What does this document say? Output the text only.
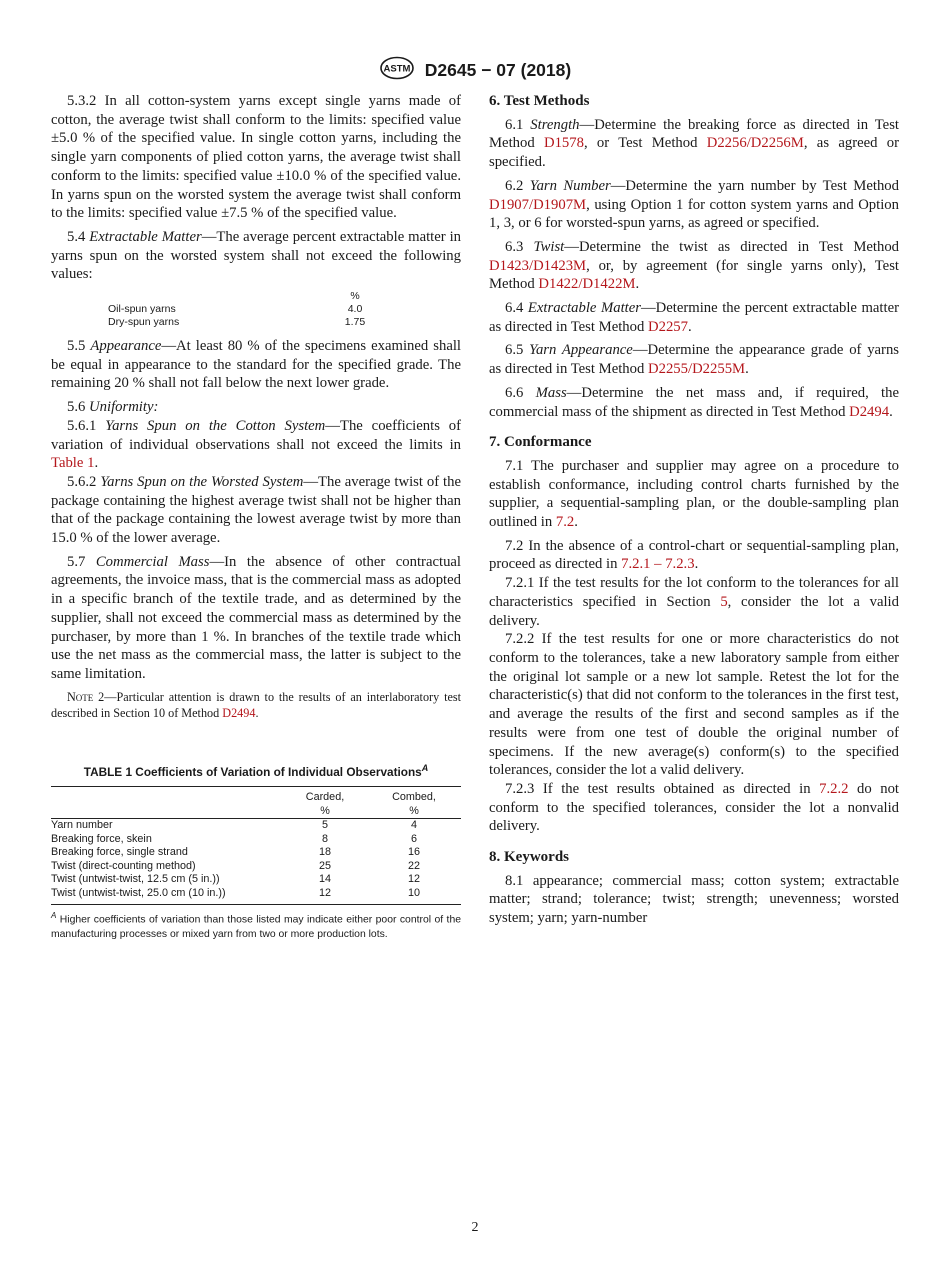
ASTM D2645 − 07 (2018)

5.3.2 In all cotton-system yarns except single yarns made of cotton, the average twist shall conform to the limits: specified value ±5.0 % of the specified value. In single cotton yarns, including the single yarn components of plied cotton yarns, the average twist shall conform to the limits: specified value ±10.0 % of the specified value. In yarns spun on the worsted system the average twist shall conform to the limits: specified value ±7.5 % of the specified value.

5.4 Extractable Matter—The average percent extractable matter in yarns spun on the worsted system shall not exceed the following values:

%
Oil-spun yarns	4.0
Dry-spun yarns	1.75

5.5 Appearance—At least 80 % of the specimens examined shall be equal in appearance to the standard for the specified grade. The remaining 20 % shall not fall below the next lower grade.

5.6 Uniformity:

5.6.1 Yarns Spun on the Cotton System—The coefficients of variation of individual observations shall not exceed the limits in Table 1.

5.6.2 Yarns Spun on the Worsted System—The average twist of the package containing the highest average twist shall not be higher than that of the package containing the lowest average twist by more than 15.0 % of the lower average.

5.7 Commercial Mass—In the absence of other contractual agreements, the invoice mass, that is the commercial mass as adopted in a specific branch of the textile trade, and as determined by the supplier, shall not exceed the commercial mass as determined by the purchaser, by more than 1 %. In branches of the textile trade which use the net mass as the commercial mass, the latter is subject to the same limitation.

Note 2—Particular attention is drawn to the results of an interlaboratory test described in Section 10 of Method D2494.

TABLE 1 Coefficients of Variation of Individual Observations$^A$
	Carded,	Combed,
	%	%
Yarn number	5	4
Breaking force, skein	8	6
Breaking force, single strand	18	16
Twist (direct-counting method)	25	22
Twist (untwist-twist, 12.5 cm (5 in.))	14	12
Twist (untwist-twist, 25.0 cm (10 in.))	12	10
$^A$ Higher coefficients of variation than those listed may indicate either poor control of the manufacturing processes or mixed yarn from two or more production lots.
6. Test Methods

6.1 Strength—Determine the breaking force as directed in Test Method D1578, or Test Method D2256/D2256M, as agreed or specified.

6.2 Yarn Number—Determine the yarn number by Test Method D1907/D1907M, using Option 1 for cotton system yarns and Option 1, 3, or 6 for worsted-spun yarns, as agreed or specified.

6.3 Twist—Determine the twist as directed in Test Method D1423/D1423M, or, by agreement (for single yarns only), Test Method D1422/D1422M.

6.4 Extractable Matter—Determine the percent extractable matter as directed in Test Method D2257.

6.5 Yarn Appearance—Determine the appearance grade of yarns as directed in Test Method D2255/D2255M.

6.6 Mass—Determine the net mass and, if required, the commercial mass of the shipment as directed in Test Method D2494.

7. Conformance

7.1 The purchaser and supplier may agree on a procedure to establish conformance, including control charts furnished by the supplier, a sequential-sampling plan, or the double-sampling plan outlined in 7.2.

7.2 In the absence of a control-chart or sequential-sampling plan, proceed as directed in 7.2.1 – 7.2.3.

7.2.1 If the test results for the lot conform to the tolerances for all characteristics specified in Section 5, consider the lot a valid delivery.

7.2.2 If the test results for one or more characteristics do not conform to the tolerances, take a new laboratory sample from either the original lot sample or a new lot sample. Retest the lot for the characteristic(s) that did not conform to the tolerances in the first test, and average the results of the first and second samples as if the results were from one test of double the original number of specimens. If the new average(s) conform(s) to the specified tolerances, consider the lot a valid delivery.

7.2.3 If the test results obtained as directed in 7.2.2 do not conform to the specified tolerances, consider the lot a nonvalid delivery.

8. Keywords

8.1 appearance; commercial mass; cotton system; extractable matter; strand; tolerance; twist; strength; unevenness; worsted system; yarn; yarn-number

2
